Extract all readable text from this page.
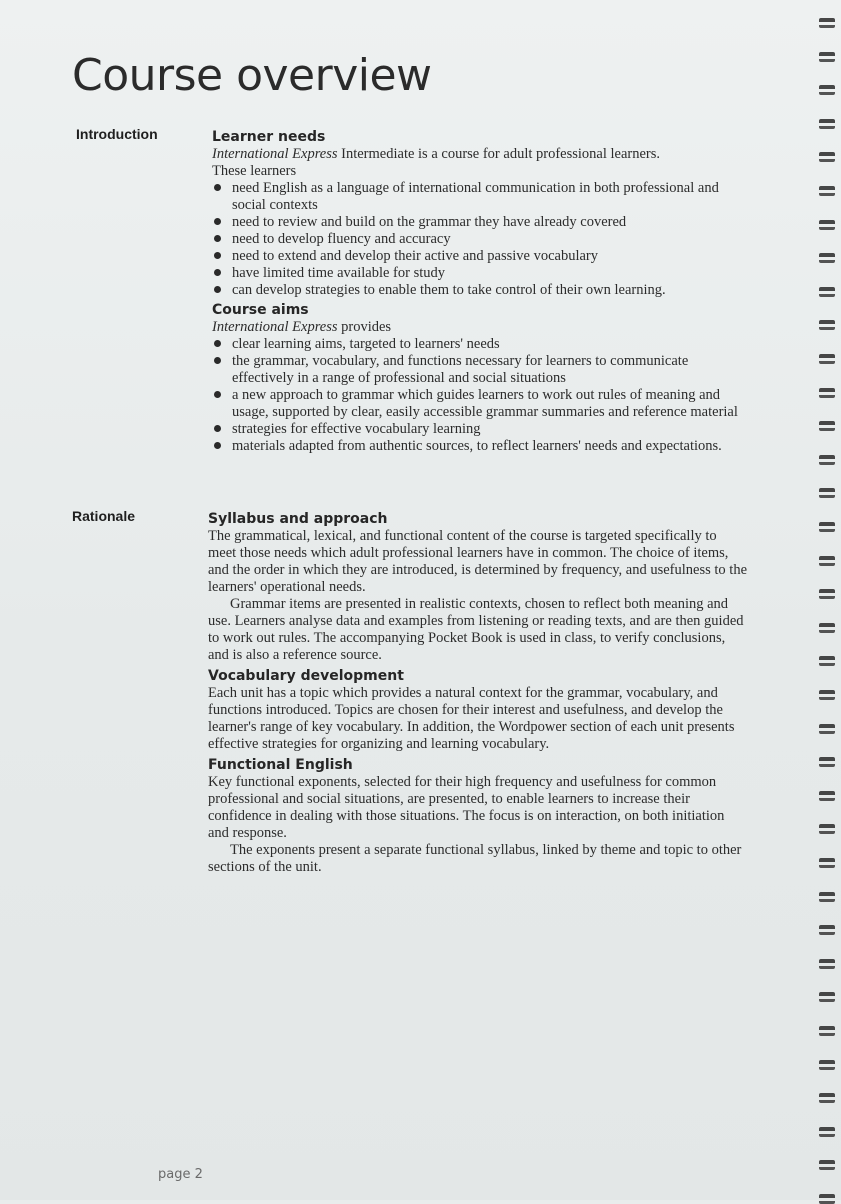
Course overview
Introduction	Learner needs

International Express Intermediate is a course for adult professional learners.

These learners

need English as a language of international communication in both professional and social contexts
need to review and build on the grammar they have already covered
need to develop fluency and accuracy
need to extend and develop their active and passive vocabulary
have limited time available for study
can develop strategies to enable them to take control of their own learning.
Course aims

International Express provides

clear learning aims, targeted to learners' needs
the grammar, vocabulary, and functions necessary for learners to communicate effectively in a range of professional and social situations
a new approach to grammar which guides learners to work out rules of meaning and usage, supported by clear, easily accessible grammar summaries and reference material
strategies for effective vocabulary learning
materials adapted from authentic sources, to reflect learners' needs and expectations.
Rationale	Syllabus and approach

The grammatical, lexical, and functional content of the course is targeted specifically to meet those needs which adult professional learners have in common. The choice of items, and the order in which they are introduced, is determined by frequency, and usefulness to the learners' operational needs.

Grammar items are presented in realistic contexts, chosen to reflect both meaning and use. Learners analyse data and examples from listening or reading texts, and are then guided to work out rules. The accompanying Pocket Book is used in class, to verify conclusions, and is also a reference source.

Vocabulary development

Each unit has a topic which provides a natural context for the grammar, vocabulary, and functions introduced. Topics are chosen for their interest and usefulness, and develop the learner's range of key vocabulary. In addition, the Wordpower section of each unit presents effective strategies for organizing and learning vocabulary.

Functional English

Key functional exponents, selected for their high frequency and usefulness for common professional and social situations, are presented, to enable learners to increase their confidence in dealing with those situations. The focus is on interaction, on both initiation and response.

The exponents present a separate functional syllabus, linked by theme and topic to other sections of the unit.

page 2
